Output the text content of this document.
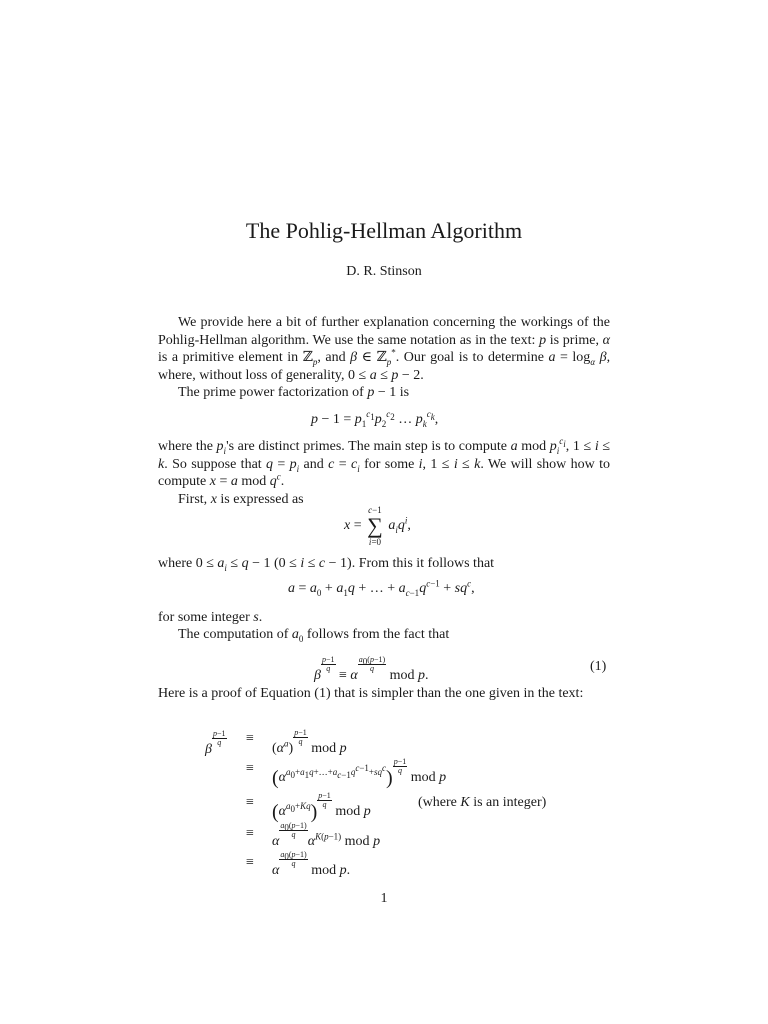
The Pohlig-Hellman Algorithm
D. R. Stinson
We provide here a bit of further explanation concerning the workings of the Pohlig-Hellman algorithm. We use the same notation as in the text: p is prime, α is a primitive element in ℤ$_p$, and β ∈ ℤ$_p$*. Our goal is to determine $a = \log_\alpha \beta$, where, without loss of generality, 0 ≤ a ≤ p − 2.
The prime power factorization of p − 1 is
$p - 1 = p_1^{c_1}p_2^{c_2}$ … $p_k^{c_k}$,
where the $p_i's$ are distinct primes. The main step is to compute a mod $p_i^{c_i}$, 1 ≤ i ≤ k. So suppose that $q = p_i$ and $c = c_i$ for some i, 1 ≤ i ≤ k. We will show how to compute x = a mod $q^c$.
First, x is expressed as
x = c−1
∑
i=0 $a_iq^i$,
where $0 \le a_i \le q - 1$ (0 ≤ i ≤ c − 1). From this it follows that
$a = a_0 + a_1q$ + … + $a_{c-1}q^{c-1} + sq^c$,
for some integer s.
The computation of $a_0$ follows from the fact that
β
$\frac{p-1}{q}$
≡ α
$\frac{a_0(p-1)}{q}$
mod p.
(1)
Here is a proof of Equation (1) that is simpler than the one given in the text:
β
$\frac{p-1}{q}$ ≡
$(\alpha^a)$
$\frac{p-1}{q}$
mod p
≡ $(\alpha^{a_0+a_1q+\dots+a_{c-1}q^{c-1}+sq^c})$
$\frac{p-1}{q}$
mod p
≡ $(\alpha^{a_0+Kq})$
$\frac{p-1}{q}$
mod p
(where K is an integer)
≡
α
$\frac{a_0(p-1)}{q}$
$\alpha^{K(p-1)}$ mod p
≡
α
$\frac{a_0(p-1)}{q}$
mod p.
1
